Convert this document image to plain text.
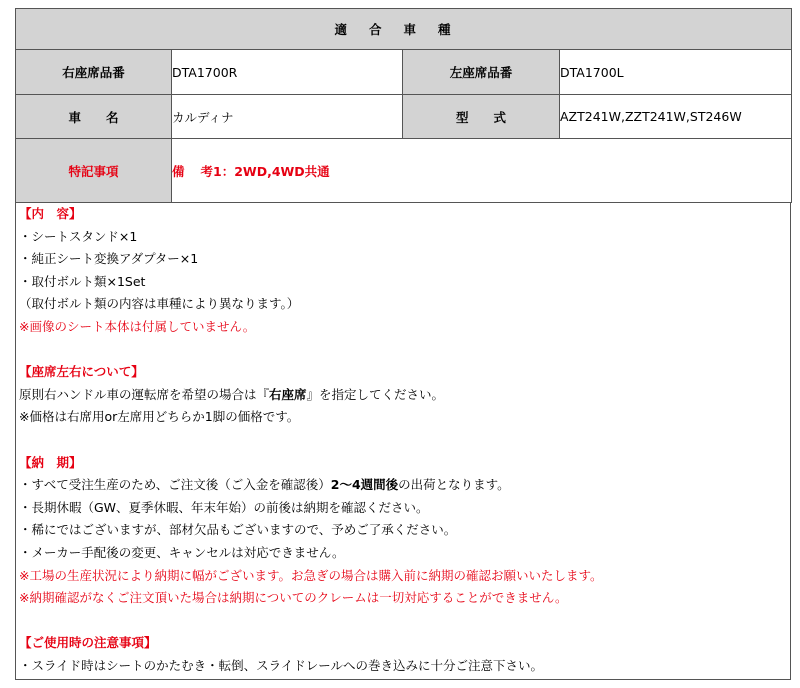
適合車種			
右座席品番	DTA1700R	左座席品番	DTA1700L
車　　名	カルディナ	型　　式	AZT241W,ZZT241W,ST246W
特記事項	備 考1：2WD,4WD共通		
【内　容】
・シートスタンド×1
・純正シート変換アダプター×1
・取付ボルト類×1Set
（取付ボルト類の内容は車種により異なります。）
※画像のシート本体は付属していません。
【座席左右について】
原則右ハンドル車の運転席を希望の場合は『右座席』を指定してください。
※価格は右席用or左席用どちらか1脚の価格です。
【納　期】
・すべて受注生産のため、ご注文後（ご入金を確認後）2〜4週間後の出荷となります。
・長期休暇（GW、夏季休暇、年末年始）の前後は納期を確認ください。
・稀にではございますが、部材欠品もございますので、予めご了承ください。
・メーカー手配後の変更、キャンセルは対応できません。
※工場の生産状況により納期に幅がございます。お急ぎの場合は購入前に納期の確認お願いいたします。
※納期確認がなくご注文頂いた場合は納期についてのクレームは一切対応することができません。
【ご使用時の注意事項】
・スライド時はシートのかたむき・転倒、スライドレールへの巻き込みに十分ご注意下さい。
